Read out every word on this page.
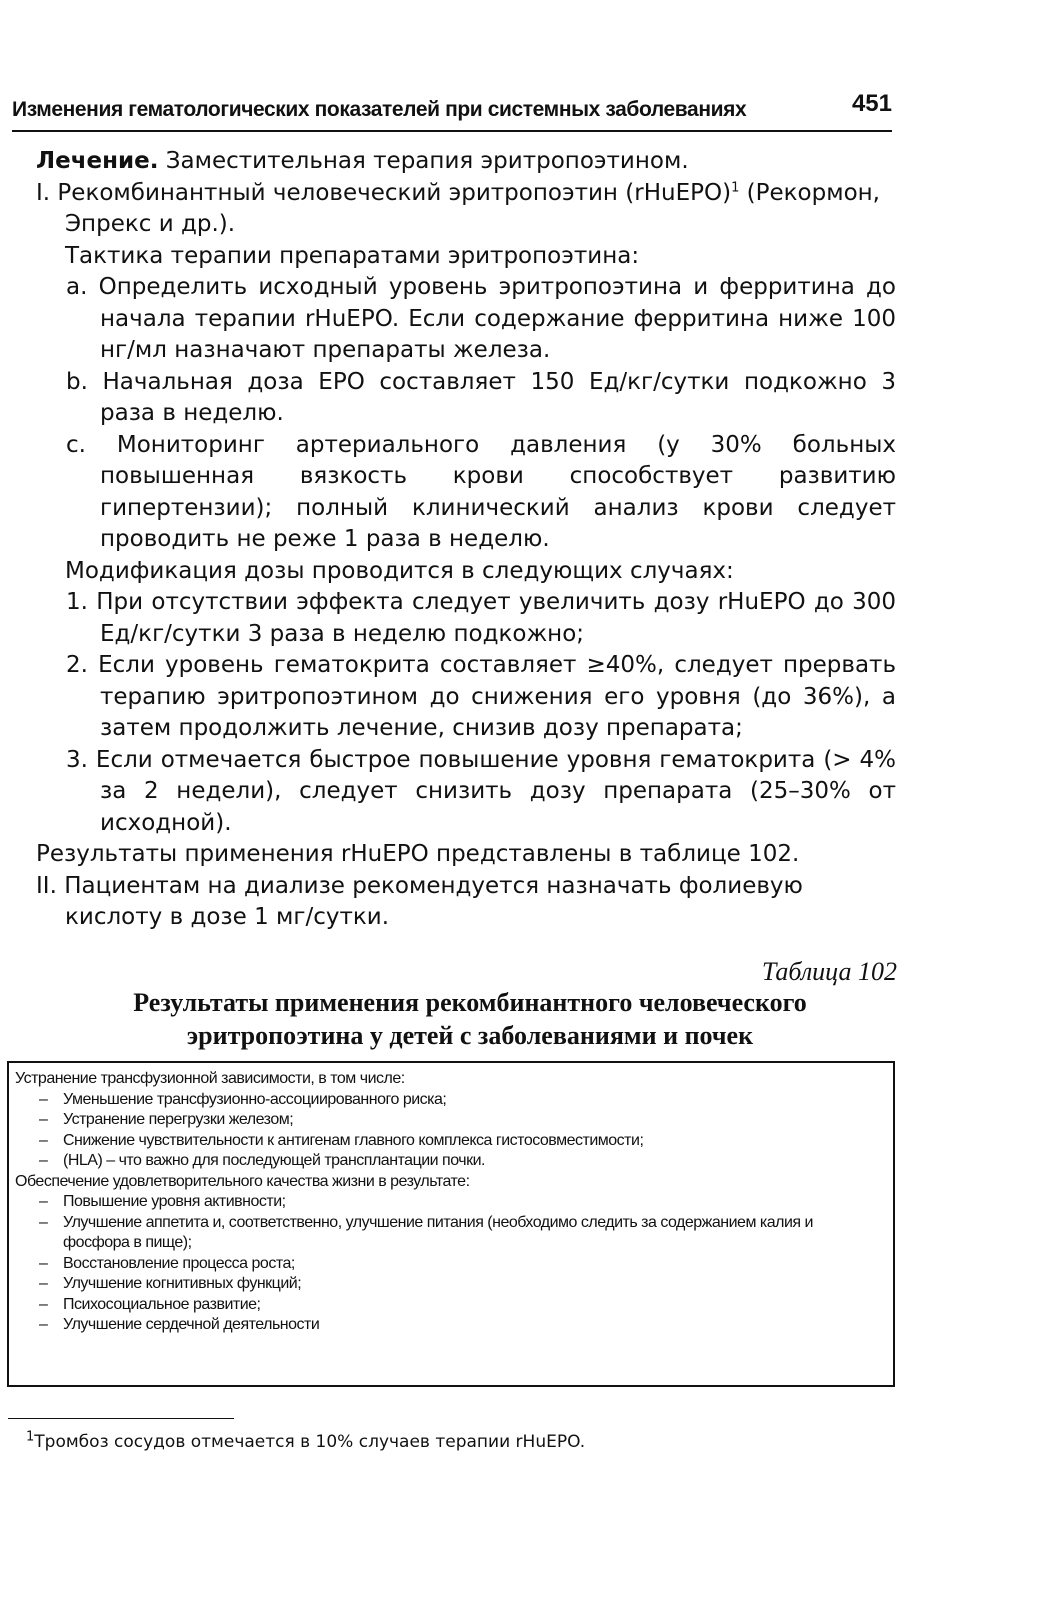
Изменения гематологических показателей при системных заболеваниях	451

Лечение. Заместительная терапия эритропоэтином.

I. Рекомбинантный человеческий эритропоэтин (rHuEPO)$^1$ (Рекормон, Эпрекс и др.).

Тактика терапии препаратами эритропоэтина:

a. Определить исходный уровень эритропоэтина и ферритина до начала терапии rHuEPO. Если содержание ферритина ниже 100 нг/мл назначают препараты железа.

b. Начальная доза EPO составляет 150 Ед/кг/сутки подкожно 3 раза в неделю.

c. Мониторинг артериального давления (у 30% больных повышенная вязкость крови способствует развитию гипертензии); полный клинический анализ крови следует проводить не реже 1 раза в неделю.

Модификация дозы проводится в следующих случаях:

1. При отсутствии эффекта следует увеличить дозу rHuEPO до 300 Ед/кг/сутки 3 раза в неделю подкожно;

2. Если уровень гематокрита составляет ≥40%, следует прервать терапию эритропоэтином до снижения его уровня (до 36%), а затем продолжить лечение, снизив дозу препарата;

3. Если отмечается быстрое повышение уровня гематокрита (> 4% за 2 недели), следует снизить дозу препарата (25–30% от исходной).

Результаты применения rHuEPO представлены в таблице 102.

II. Пациентам на диализе рекомендуется назначать фолиевую кислоту в дозе 1 мг/сутки.

Таблица 102
Результаты применения рекомбинантного человеческого
эритропоэтина у детей с заболеваниями и почек

Устранение трансфузионной зависимости, в том числе:

– Уменьшение трансфузионно-ассоциированного риска;

– Устранение перегрузки железом;

– Снижение чувствительности к антигенам главного комплекса гистосовместимости;

– (HLA) – что важно для последующей трансплантации почки.

Обеспечение удовлетворительного качества жизни в результате:

– Повышение уровня активности;

– Улучшение аппетита и, соответственно, улучшение питания (необходимо следить за содержанием калия и фосфора в пище);

– Восстановление процесса роста;

– Улучшение когнитивных функций;

– Психосоциальное развитие;

– Улучшение сердечной деятельности

$^1$Тромбоз сосудов отмечается в 10% случаев терапии rHuEPO.
